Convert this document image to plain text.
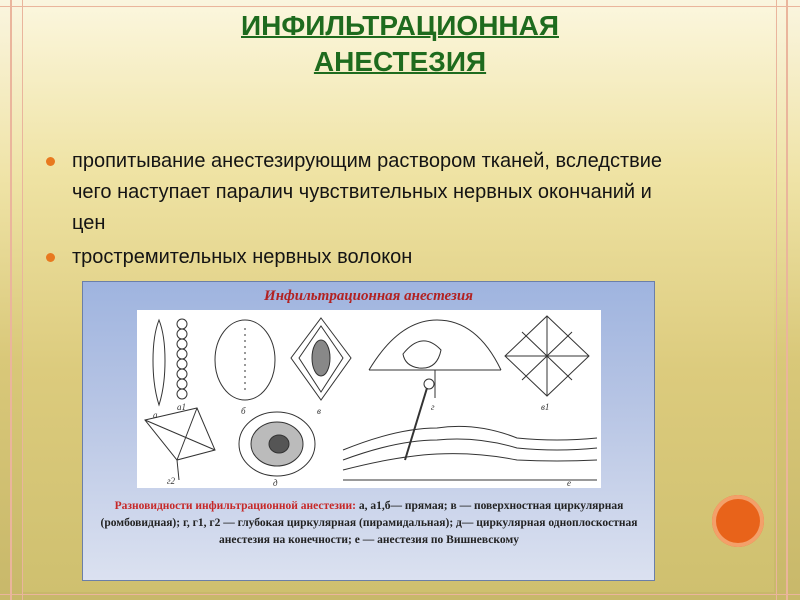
ИНФИЛЬТРАЦИОННАЯ
АНЕСТЕЗИЯ
пропитывание анестезирующим раствором тканей, вследствие чего наступает паралич чувствительных нервных окончаний и цен
тростремительных нервных волокон
Инфильтрационная анестезия
а
а1	б	в	г	в1
г2	д	е
Разновидности инфильтрационной анестезии: а, а1,б— прямая; в — поверхностная циркулярная (ромбовидная); г, г1, г2 — глубокая циркулярная (пирамидальная); д— циркулярная одноплоскостная анестезия на конечности; е — анестезия по Вишневскому
